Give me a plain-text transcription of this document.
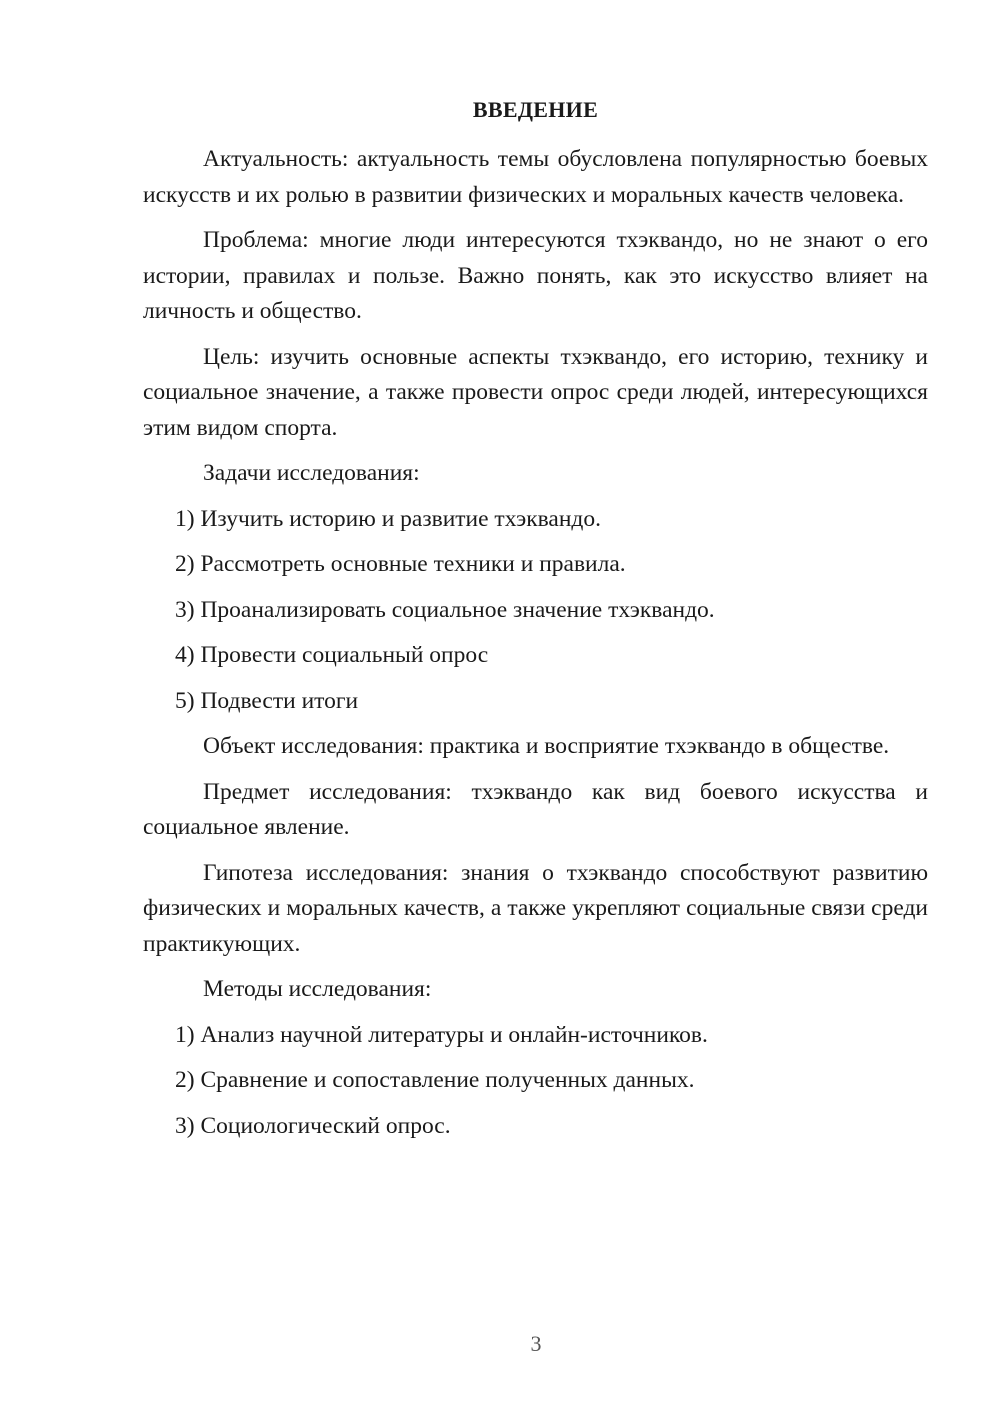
ВВЕДЕНИЕ

Актуальность: актуальность темы обусловлена популярностью боевых искусств и их ролью в развитии физических и моральных качеств человека.

Проблема: многие люди интересуются тхэквандо, но не знают о его истории, правилах и пользе. Важно понять, как это искусство влияет на личность и общество.

Цель: изучить основные аспекты тхэквандо, его историю, технику и социальное значение, а также провести опрос среди людей, интересующихся этим видом спорта.

Задачи исследования:

1) Изучить историю и развитие тхэквандо.
2) Рассмотреть основные техники и правила.
3) Проанализировать социальное значение тхэквандо.
4) Провести социальный опрос
5) Подвести итоги

Объект исследования: практика и восприятие тхэквандо в обществе.

Предмет исследования: тхэквандо как вид боевого искусства и социальное явление.

Гипотеза исследования: знания о тхэквандо способствуют развитию физических и моральных качеств, а также укрепляют социальные связи среди практикующих.

Методы исследования:

1) Анализ научной литературы и онлайн-источников.
2) Сравнение и сопоставление полученных данных.
3) Социологический опрос.
3
